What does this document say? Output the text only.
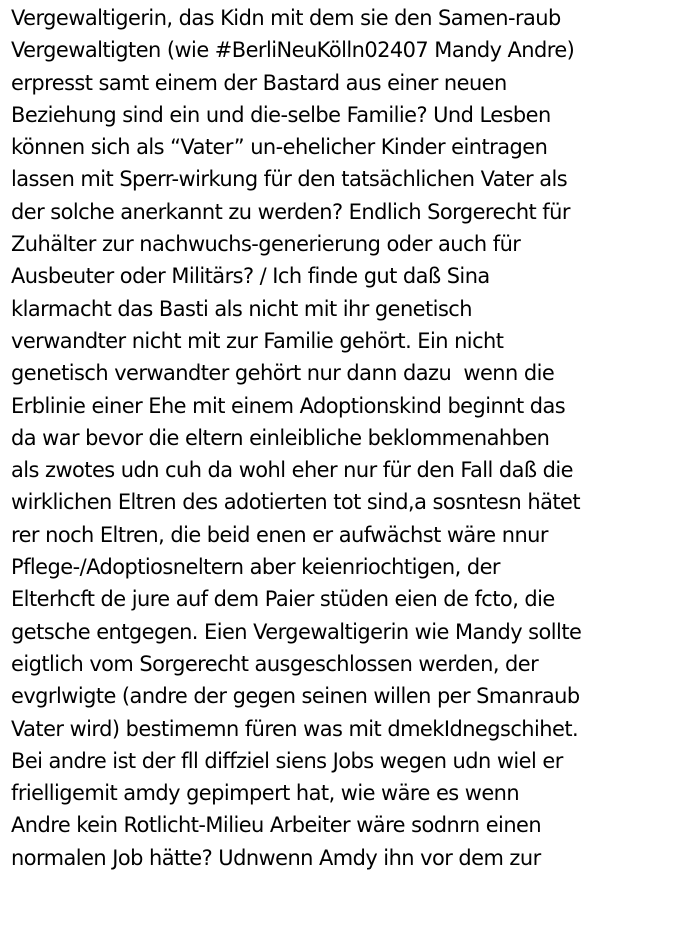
Vergewaltigerin, das Kidn mit dem sie den Samen-raub
Vergewaltigten (wie #BerliNeuKölln02407 Mandy Andre)
erpresst samt einem der Bastard aus einer neuen
Beziehung sind ein und die-selbe Familie? Und Lesben
können sich als “Vater” un-ehelicher Kinder eintragen
lassen mit Sperr-wirkung für den tatsächlichen Vater als
der solche anerkannt zu werden? Endlich Sorgerecht für
Zuhälter zur nachwuchs-generierung oder auch für
Ausbeuter oder Militärs? / Ich finde gut daß Sina
klarmacht das Basti als nicht mit ihr genetisch
verwandter nicht mit zur Familie gehört. Ein nicht
genetisch verwandter gehört nur dann dazu  wenn die
Erblinie einer Ehe mit einem Adoptionskind beginnt das
da war bevor die eltern einleibliche beklommenahben
als zwotes udn cuh da wohl eher nur für den Fall daß die
wirklichen Eltren des adotierten tot sind,a sosntesn hätet
rer noch Eltren, die beid enen er aufwächst wäre nnur
Pflege-/Adoptiosneltern aber keienriochtigen, der
Elterhcft de jure auf dem Paier stüden eien de fcto, die
getsche entgegen. Eien Vergewaltigerin wie Mandy sollte
eigtlich vom Sorgerecht ausgeschlossen werden, der
evgrlwigte (andre der gegen seinen willen per Smanraub
Vater wird) bestimemn füren was mit dmekIdnegschihet.
Bei andre ist der fll diffziel siens Jobs wegen udn wiel er
frielligemit amdy gepimpert hat, wie wäre es wenn
Andre kein Rotlicht-Milieu Arbeiter wäre sodnrn einen
normalen Job hätte? Udnwenn Amdy ihn vor dem zur
